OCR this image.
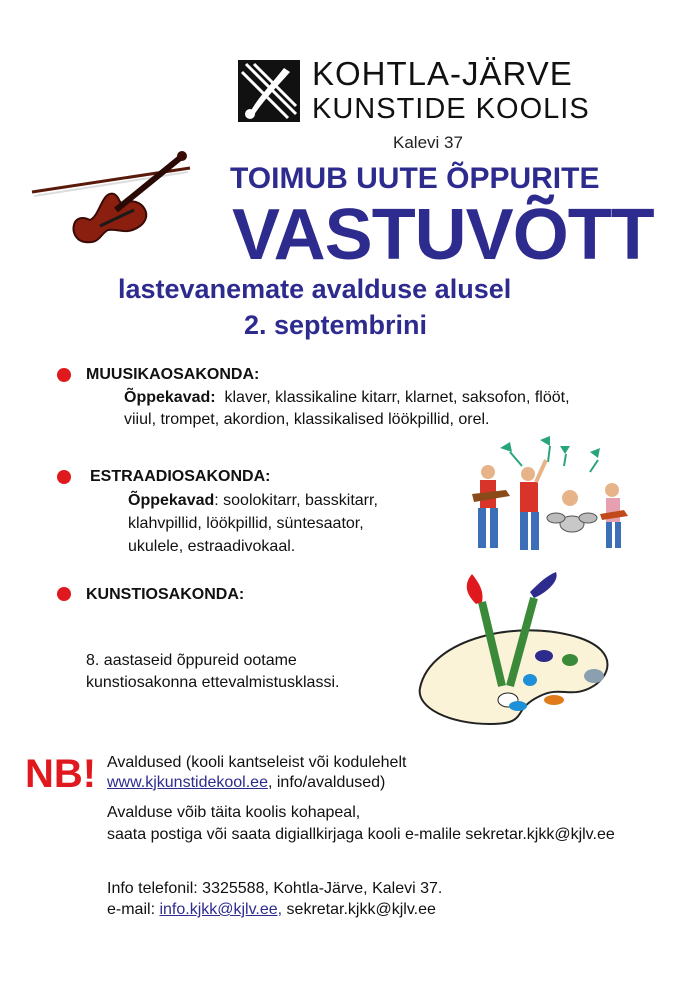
KOHTLA-JÄRVE
KUNSTIDE KOOLIS
Kalevi 37
TOIMUB UUTE ÕPPURITE
VASTUVÕTT
lastevanemate avalduse alusel
2. septembrini
MUUSIKAOSAKONDA:
Õppekavad: klaver, klassikaline kitarr, klarnet, saksofon, flööt,
viiul, trompet, akordion, klassikalised löökpillid, orel.
ESTRAADIOSAKONDA:
Õppekavad: soolokitarr, basskitarr,
klahvpillid, löökpillid, süntesaator,
ukulele, estraadivokaal.
KUNSTIOSAKONDA:
8. aastaseid õppureid ootame
kunstiosakonna ettevalmistusklassi.
NB! Avaldused (kooli kantseleist või kodulehelt
www.kjkunstidekool.ee, info/avaldused)
Avalduse võib täita koolis kohapeal,
saata postiga või saata digiallkirjaga kooli e-malile sekretar.kjkk@kjlv.ee
Info telefonil: 3325588, Kohtla-Järve, Kalevi 37.
e-mail: info.kjkk@kjlv.ee, sekretar.kjkk@kjlv.ee
